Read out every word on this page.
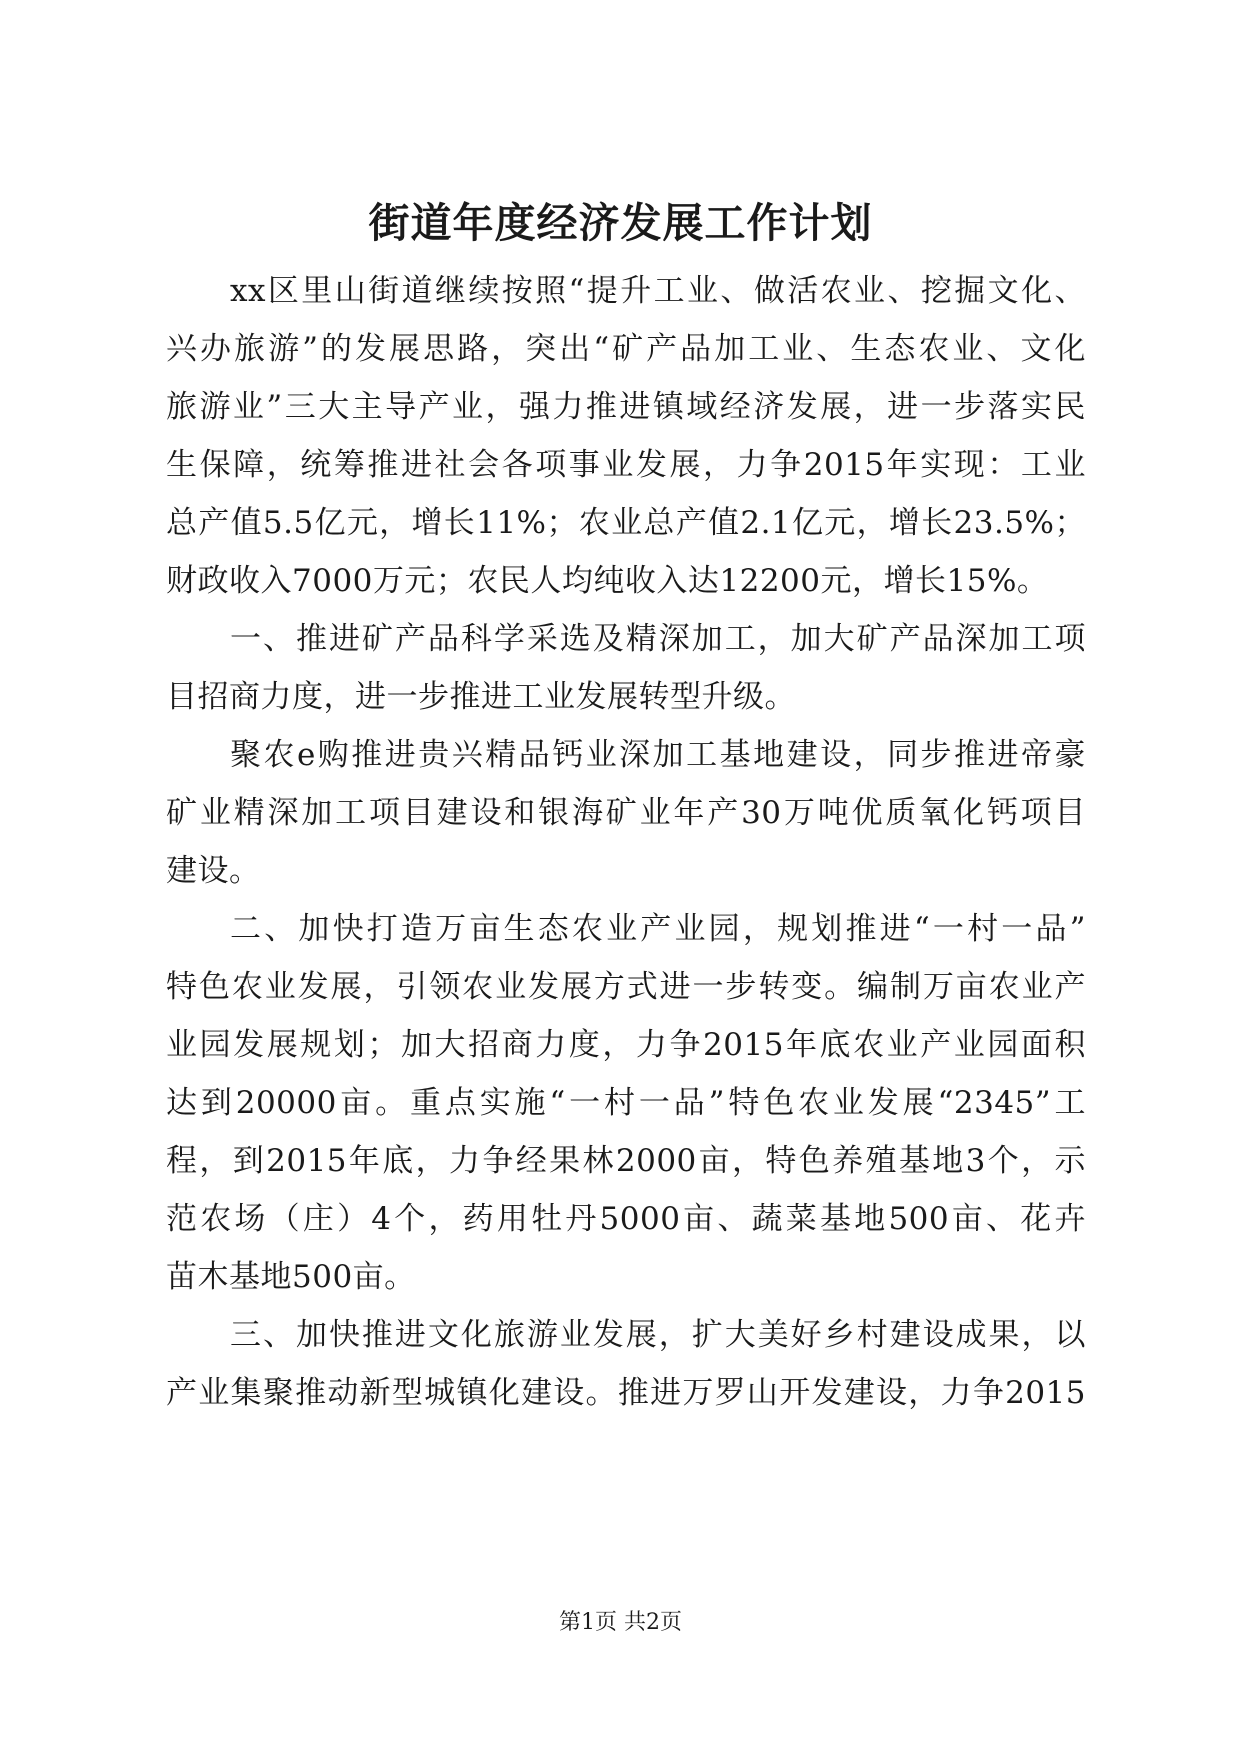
街道年度经济发展工作计划
xx区里山街道继续按照“提升工业、做活农业、挖掘文化、
兴办旅游”的发展思路，突出“矿产品加工业、生态农业、文化
旅游业”三大主导产业，强力推进镇域经济发展，进一步落实民
生保障，统筹推进社会各项事业发展，力争2015年实现：工业
总产值5.5亿元，增长11%；农业总产值2.1亿元，增长23.5%；
财政收入7000万元；农民人均纯收入达12200元，增长15%。
一、推进矿产品科学采选及精深加工，加大矿产品深加工项
目招商力度，进一步推进工业发展转型升级。
聚农e购推进贵兴精品钙业深加工基地建设，同步推进帝豪
矿业精深加工项目建设和银海矿业年产30万吨优质氧化钙项目
建设。
二、加快打造万亩生态农业产业园，规划推进“一村一品”
特色农业发展，引领农业发展方式进一步转变。编制万亩农业产
业园发展规划；加大招商力度，力争2015年底农业产业园面积
达到20000亩。重点实施“一村一品”特色农业发展“2345”工
程，到2015年底，力争经果林2000亩，特色养殖基地3个，示
范农场（庄）4个，药用牡丹5000亩、蔬菜基地500亩、花卉
苗木基地500亩。
三、加快推进文化旅游业发展，扩大美好乡村建设成果，以
产业集聚推动新型城镇化建设。推进万罗山开发建设，力争2015
第1页 共2页
